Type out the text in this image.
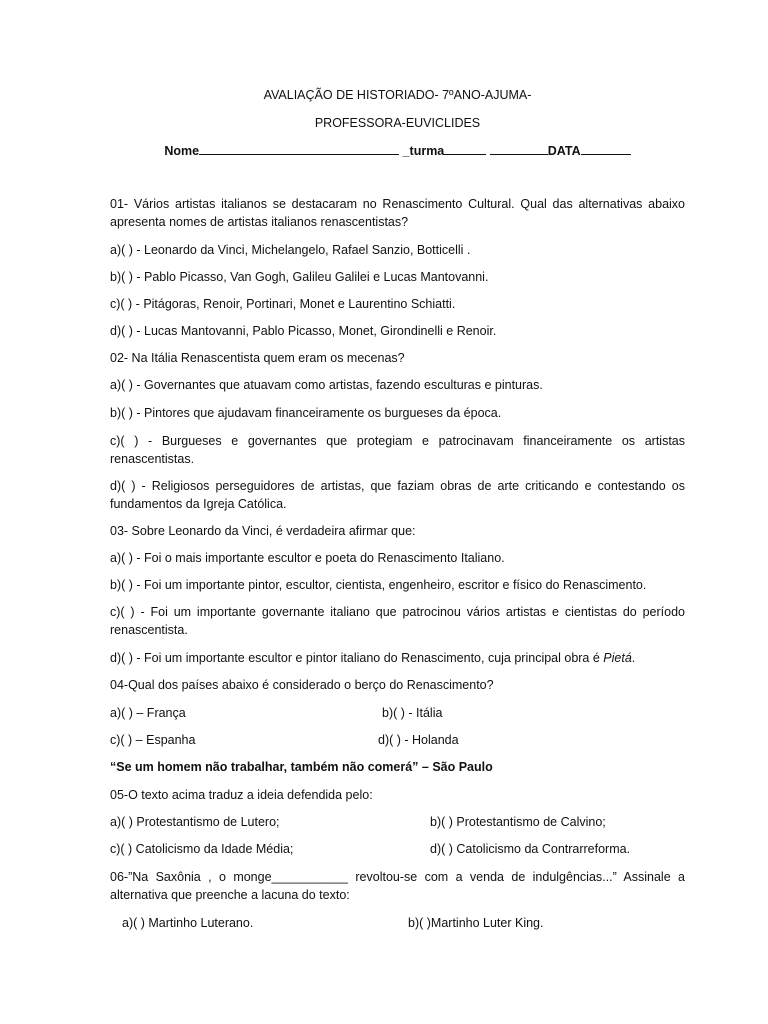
AVALIAÇÃO DE HISTORIADO- 7ºANO-AJUMA-
PROFESSORA-EUVICLIDES
Nome	_turma	DATA
01- Vários artistas italianos se destacaram no Renascimento Cultural. Qual das alternativas abaixo apresenta nomes de artistas italianos renascentistas?
a)( ) - Leonardo da Vinci, Michelangelo, Rafael Sanzio, Botticelli .
b)( ) - Pablo Picasso, Van Gogh, Galileu Galilei e Lucas Mantovanni.
c)( ) - Pitágoras, Renoir, Portinari, Monet e Laurentino Schiatti.
d)( ) - Lucas Mantovanni, Pablo Picasso, Monet, Girondinelli e Renoir.
02- Na Itália Renascentista quem eram os mecenas?
a)( ) - Governantes que atuavam como artistas, fazendo esculturas e pinturas.
b)( ) - Pintores que ajudavam financeiramente os burgueses da época.
c)( ) - Burgueses e governantes que protegiam e patrocinavam financeiramente os artistas renascentistas.
d)( ) - Religiosos perseguidores de artistas, que faziam obras de arte criticando e contestando os fundamentos da Igreja Católica.
03- Sobre Leonardo da Vinci, é verdadeira afirmar que:
a)( ) - Foi o mais importante escultor e poeta do Renascimento Italiano.
b)( ) - Foi um importante pintor, escultor, cientista, engenheiro, escritor e físico do Renascimento.
c)( ) - Foi um importante governante italiano que patrocinou vários artistas e cientistas do período renascentista.
d)( ) - Foi um importante escultor e pintor italiano do Renascimento, cuja principal obra é Pietá.
04-Qual dos países abaixo é considerado o berço do Renascimento?
a)( ) – França	b)( ) - Itália
c)( ) – Espanha	d)( ) - Holanda
“Se um homem não trabalhar, também não comerá” – São Paulo
05-O texto acima traduz a ideia defendida pelo:
a)( ) Protestantismo de Lutero;	b)( ) Protestantismo de Calvino;
c)( ) Catolicismo da Idade Média;	d)( ) Catolicismo da Contrarreforma.
06-”Na Saxônia , o monge___________ revoltou-se com a venda de indulgências...” Assinale a alternativa que preenche a lacuna do texto:
a)( ) Martinho Luterano.	b)( )Martinho Luter King.
